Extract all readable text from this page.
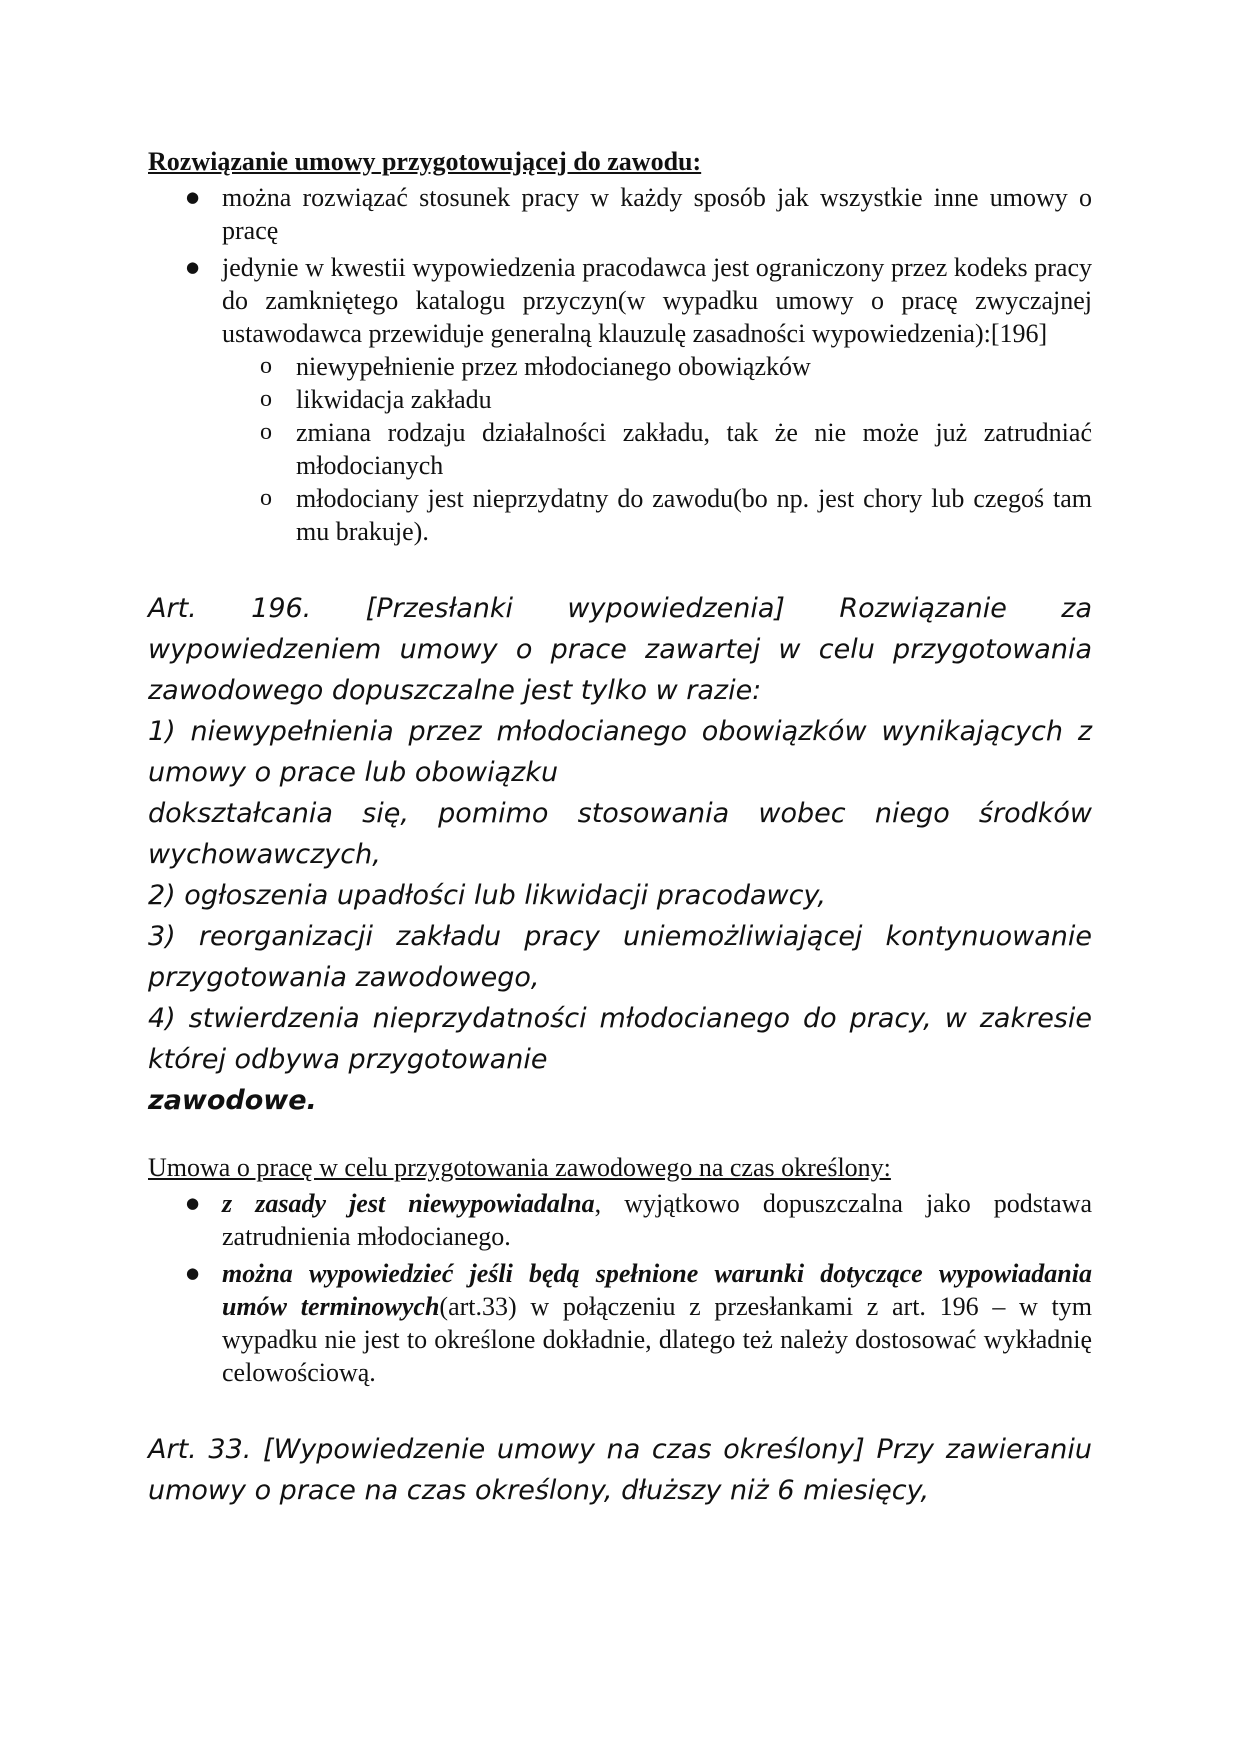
Rozwiązanie umowy przygotowującej do zawodu:
● można rozwiązać stosunek pracy w każdy sposób jak wszystkie inne umowy o pracę
● jedynie w kwestii wypowiedzenia pracodawca jest ograniczony przez kodeks pracy do zamkniętego katalogu przyczyn(w wypadku umowy o pracę zwyczajnej ustawodawca przewiduje generalną klauzulę zasadności wypowiedzenia):[196]
o niewypełnienie przez młodocianego obowiązków
o likwidacja zakładu
o zmiana rodzaju działalności zakładu, tak że nie może już zatrudniać młodocianych
o młodociany jest nieprzydatny do zawodu(bo np. jest chory lub czegoś tam mu brakuje).

Art. 196. [Przesłanki wypowiedzenia] Rozwiązanie za wypowiedzeniem umowy o prace zawartej w celu przygotowania zawodowego dopuszczalne jest tylko w razie:

1) niewypełnienia przez młodocianego obowiązków wynikających z umowy o prace lub obowiązku

dokształcania się, pomimo stosowania wobec niego środków wychowawczych,

2) ogłoszenia upadłości lub likwidacji pracodawcy,

3) reorganizacji zakładu pracy uniemożliwiającej kontynuowanie przygotowania zawodowego,

4) stwierdzenia nieprzydatności młodocianego do pracy, w zakresie której odbywa przygotowanie

zawodowe.

Umowa o pracę w celu przygotowania zawodowego na czas określony:
● z zasady jest niewypowiadalna, wyjątkowo dopuszczalna jako podstawa zatrudnienia młodocianego.
● można wypowiedzieć jeśli będą spełnione warunki dotyczące wypowiadania umów terminowych(art.33) w połączeniu z przesłankami z art. 196 – w tym wypadku nie jest to określone dokładnie, dlatego też należy dostosować wykładnię celowościową.

Art. 33. [Wypowiedzenie umowy na czas określony] Przy zawieraniu umowy o prace na czas określony, dłuższy niż 6 miesięcy,
